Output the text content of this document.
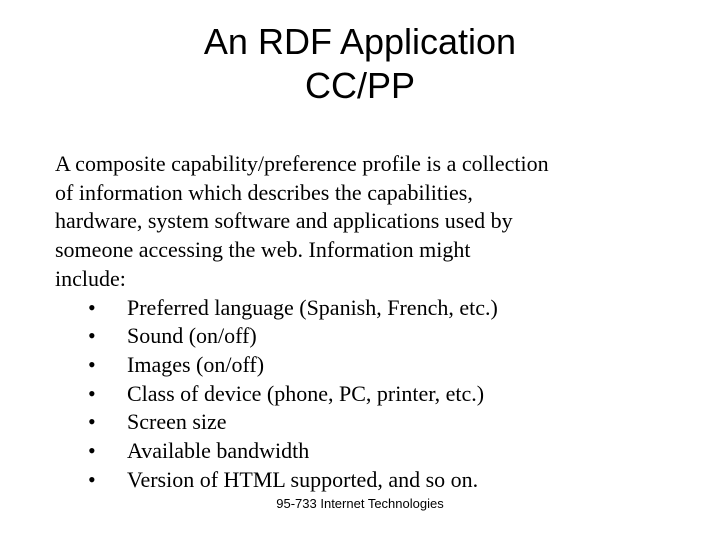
An RDF Application
CC/PP
A composite capability/preference profile is a collection
of information which describes the capabilities,
hardware, system software and applications used by
someone accessing the web. Information might
include:
• Preferred language (Spanish, French, etc.)
• Sound (on/off)
• Images (on/off)
• Class of device (phone, PC, printer, etc.)
• Screen size
• Available bandwidth
• Version of HTML supported, and so on.
95-733 Internet Technologies
